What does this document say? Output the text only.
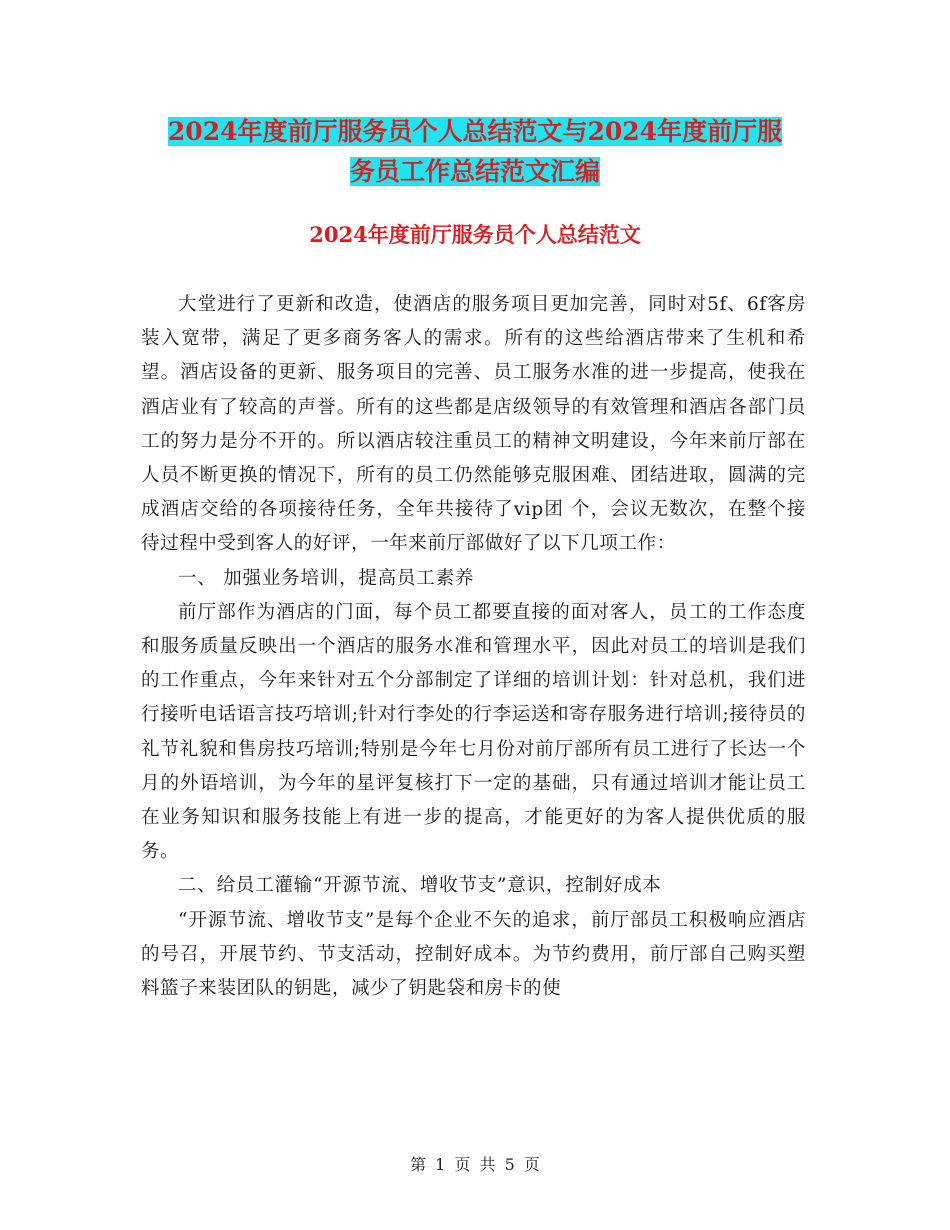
2024年度前厅服务员个人总结范文与2024年度前厅服
务员工作总结范文汇编
2024年度前厅服务员个人总结范文

大堂进行了更新和改造，使酒店的服务项目更加完善，同时对5f、6f客房装入宽带，满足了更多商务客人的需求。所有的这些给酒店带来了生机和希望。酒店设备的更新、服务项目的完善、员工服务水准的进一步提高，使我在酒店业有了较高的声誉。所有的这些都是店级领导的有效管理和酒店各部门员工的努力是分不开的。所以酒店较注重员工的精神文明建设，今年来前厅部在人员不断更换的情况下，所有的员工仍然能够克服困难、团结进取，圆满的完成酒店交给的各项接待任务，全年共接待了vip团 个，会议无数次，在整个接待过程中受到客人的好评，一年来前厅部做好了以下几项工作：

一、 加强业务培训，提高员工素养

前厅部作为酒店的门面，每个员工都要直接的面对客人，员工的工作态度和服务质量反映出一个酒店的服务水准和管理水平，因此对员工的培训是我们的工作重点，今年来针对五个分部制定了详细的培训计划：针对总机，我们进行接听电话语言技巧培训;针对行李处的行李运送和寄存服务进行培训;接待员的礼节礼貌和售房技巧培训;特别是今年七月份对前厅部所有员工进行了长达一个月的外语培训，为今年的星评复核打下一定的基础，只有通过培训才能让员工在业务知识和服务技能上有进一步的提高，才能更好的为客人提供优质的服务。

二、给员工灌输“开源节流、增收节支”意识，控制好成本

“开源节流、增收节支”是每个企业不矢的追求，前厅部员工积极响应酒店的号召，开展节约、节支活动，控制好成本。为节约费用，前厅部自己购买塑料篮子来装团队的钥匙，减少了钥匙袋和房卡的使

第 1 页 共 5 页
